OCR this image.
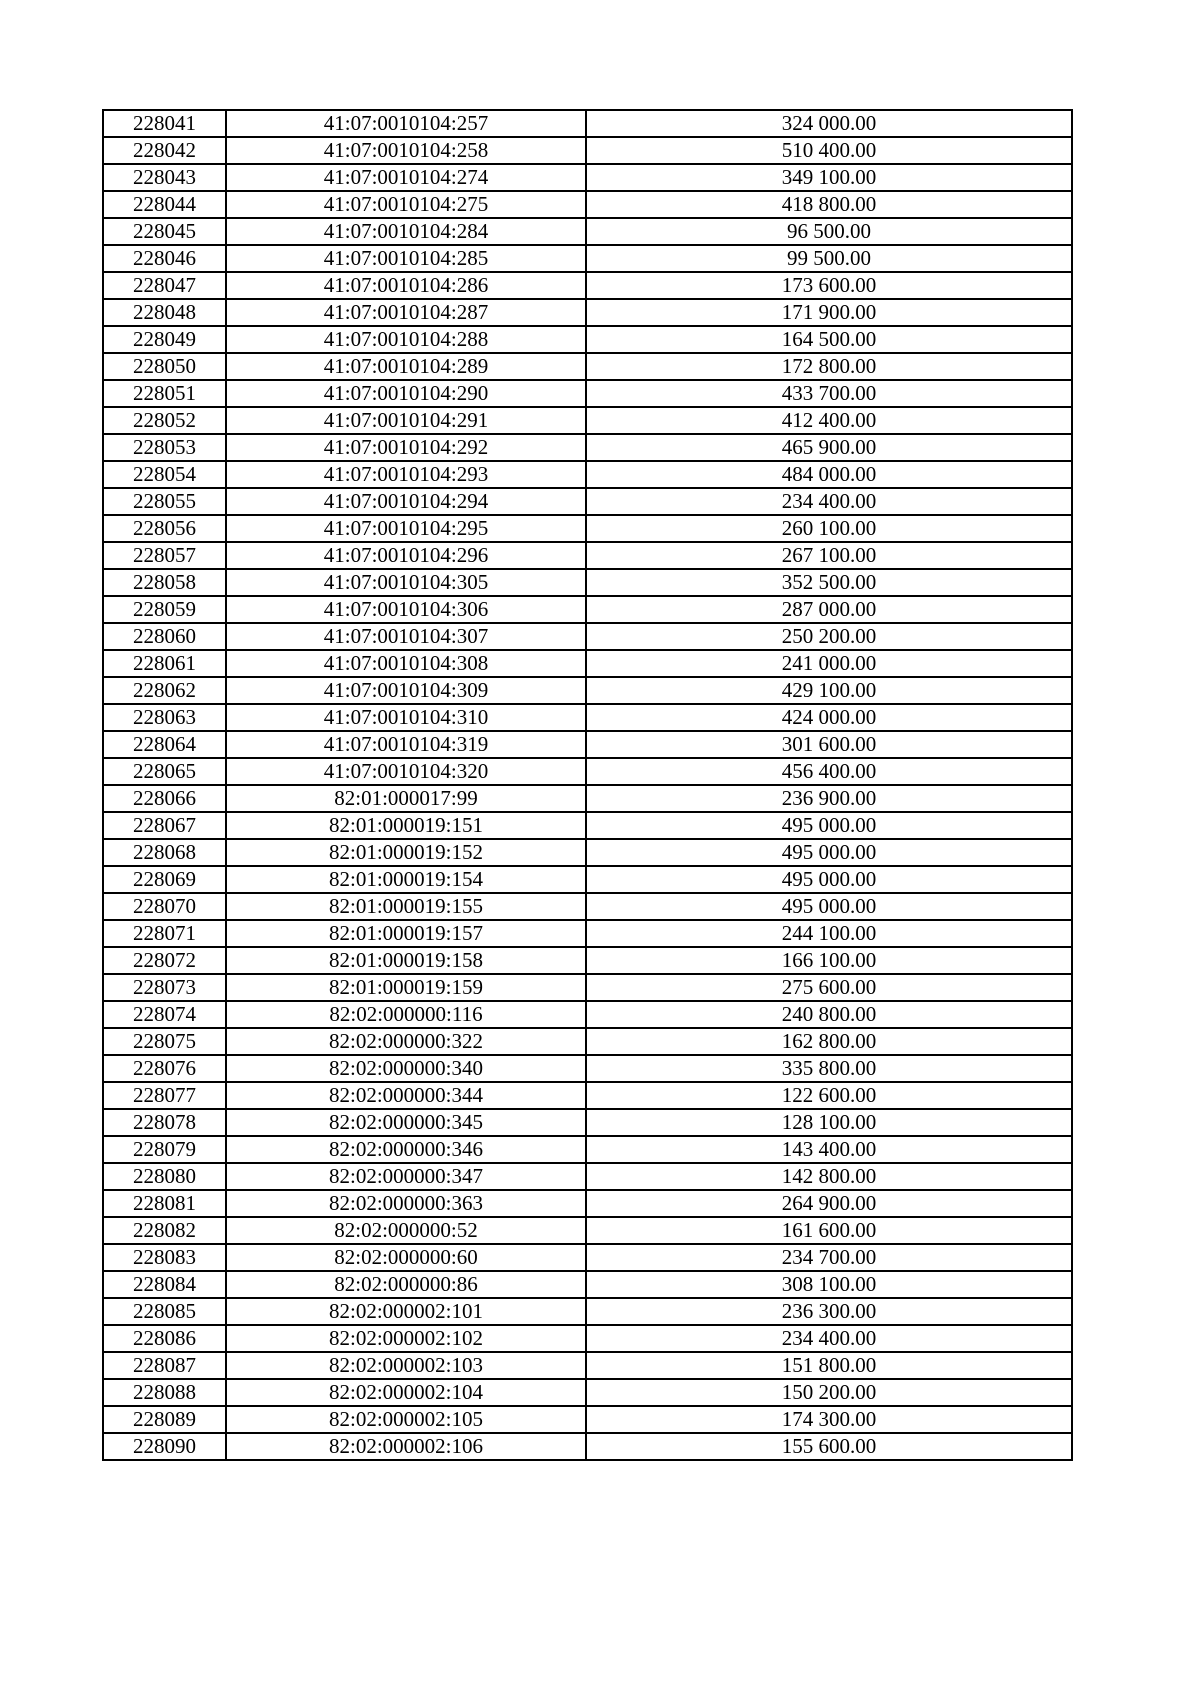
228041	41:07:0010104:257	324 000.00
228042	41:07:0010104:258	510 400.00
228043	41:07:0010104:274	349 100.00
228044	41:07:0010104:275	418 800.00
228045	41:07:0010104:284	96 500.00
228046	41:07:0010104:285	99 500.00
228047	41:07:0010104:286	173 600.00
228048	41:07:0010104:287	171 900.00
228049	41:07:0010104:288	164 500.00
228050	41:07:0010104:289	172 800.00
228051	41:07:0010104:290	433 700.00
228052	41:07:0010104:291	412 400.00
228053	41:07:0010104:292	465 900.00
228054	41:07:0010104:293	484 000.00
228055	41:07:0010104:294	234 400.00
228056	41:07:0010104:295	260 100.00
228057	41:07:0010104:296	267 100.00
228058	41:07:0010104:305	352 500.00
228059	41:07:0010104:306	287 000.00
228060	41:07:0010104:307	250 200.00
228061	41:07:0010104:308	241 000.00
228062	41:07:0010104:309	429 100.00
228063	41:07:0010104:310	424 000.00
228064	41:07:0010104:319	301 600.00
228065	41:07:0010104:320	456 400.00
228066	82:01:000017:99	236 900.00
228067	82:01:000019:151	495 000.00
228068	82:01:000019:152	495 000.00
228069	82:01:000019:154	495 000.00
228070	82:01:000019:155	495 000.00
228071	82:01:000019:157	244 100.00
228072	82:01:000019:158	166 100.00
228073	82:01:000019:159	275 600.00
228074	82:02:000000:116	240 800.00
228075	82:02:000000:322	162 800.00
228076	82:02:000000:340	335 800.00
228077	82:02:000000:344	122 600.00
228078	82:02:000000:345	128 100.00
228079	82:02:000000:346	143 400.00
228080	82:02:000000:347	142 800.00
228081	82:02:000000:363	264 900.00
228082	82:02:000000:52	161 600.00
228083	82:02:000000:60	234 700.00
228084	82:02:000000:86	308 100.00
228085	82:02:000002:101	236 300.00
228086	82:02:000002:102	234 400.00
228087	82:02:000002:103	151 800.00
228088	82:02:000002:104	150 200.00
228089	82:02:000002:105	174 300.00
228090	82:02:000002:106	155 600.00
